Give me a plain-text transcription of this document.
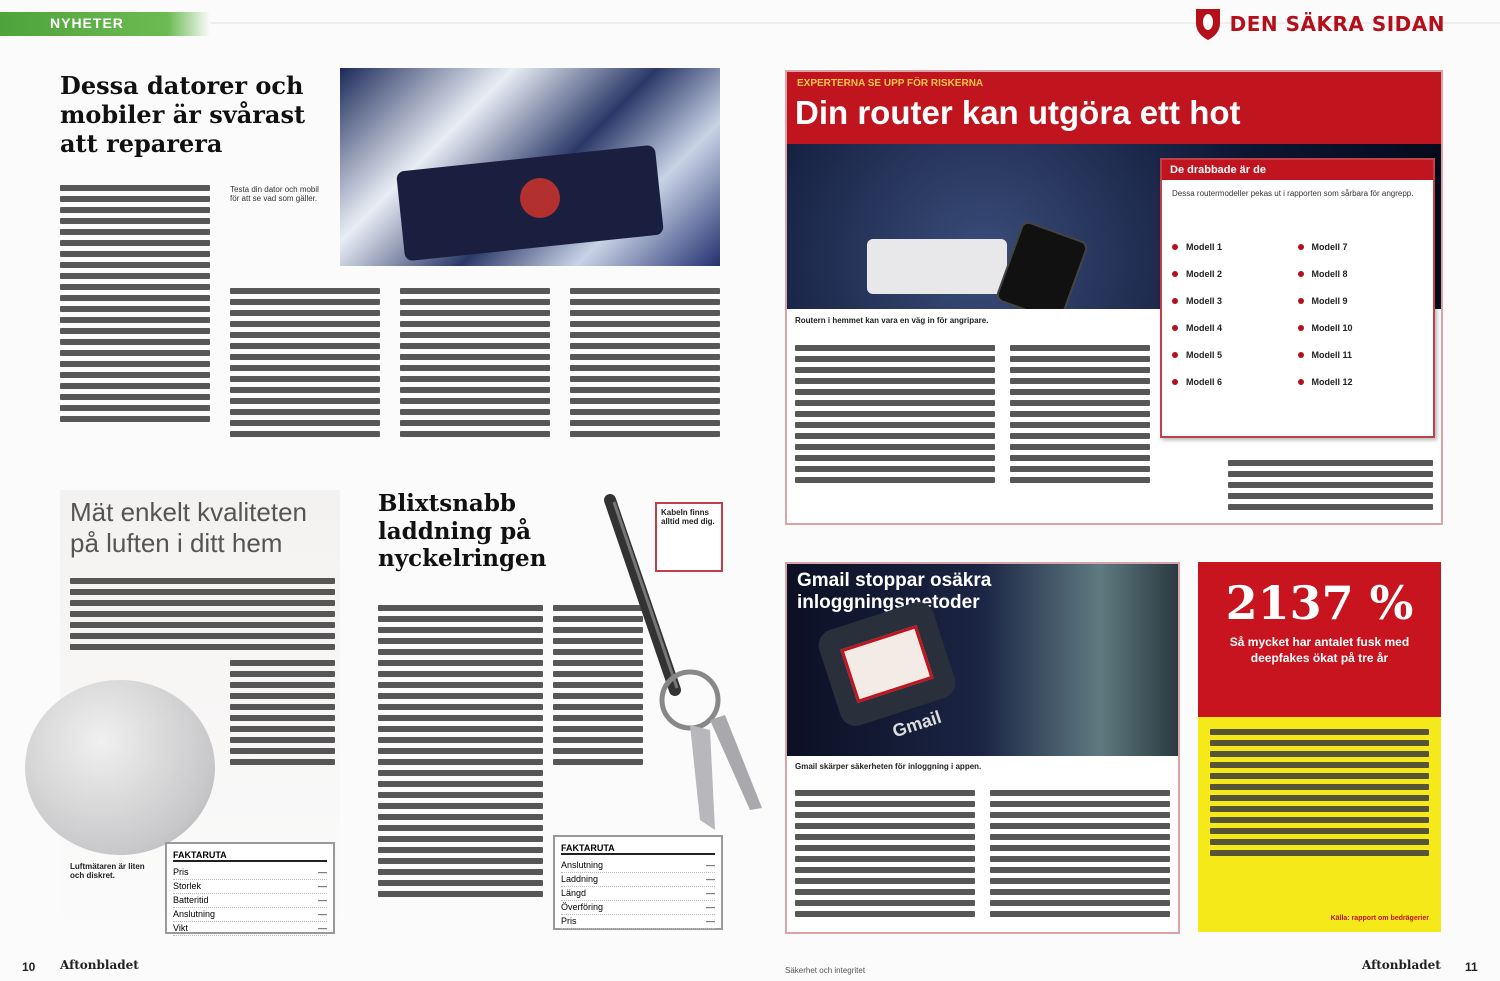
NYHETER	DEN SÄKRA SIDAN
Dessa datorer och mobiler är svårast att reparera
Testa din dator och mobil för att se vad som gäller.
Mät enkelt kvaliteten på luften i ditt hem
Luftmätaren är liten och diskret.
FAKTARUTA
Pris	—
Storlek	—
Batteritid	—
Anslutning	—
Vikt	—
Blixtsnabb laddning på nyckelringen
Kabeln finns alltid med dig.
FAKTARUTA
Anslutning	—
Laddning	—
Längd	—
Överföring	—
Pris	—
EXPERTERNA SE UPP FÖR RISKERNA
Din router kan utgöra ett hot
Routern i hemmet kan vara en väg in för angripare.
De drabbade är de
Dessa routermodeller pekas ut i rapporten som sårbara för angrepp.
Modell 1
Modell 2
Modell 3
Modell 4
Modell 5
Modell 6
Modell 7
Modell 8
Modell 9
Modell 10
Modell 11
Modell 12
Gmail stoppar osäkra inloggningsmetoder
Gmail
Gmail skärper säkerheten för inloggning i appen.
2137 %
Så mycket har antalet fusk med deepfakes ökat på tre år
Källa: rapport om bedrägerier
10 Aftonbladet	Säkerhet och integritet	Aftonbladet 11
